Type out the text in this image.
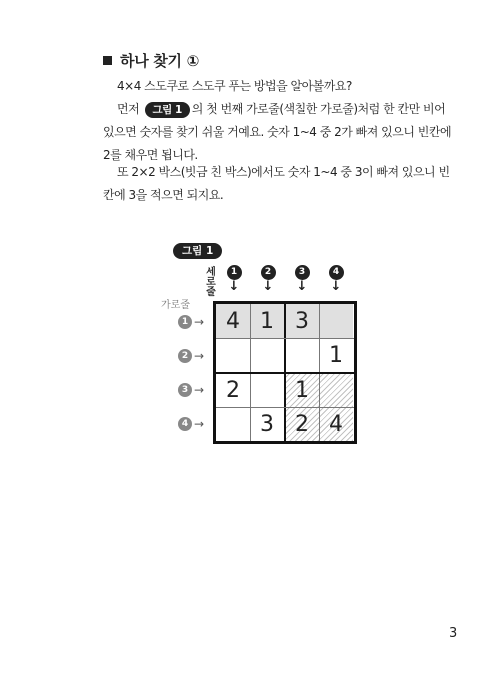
하나 찾기 ①
4×4 스도쿠로 스도쿠 푸는 방법을 알아볼까요?
먼저 그림 1 의 첫 번째 가로줄(색칠한 가로줄)처럼 한 칸만 비어 있으면 숫자를 찾기 쉬울 거예요. 숫자 1~4 중 2가 빠져 있으니 빈칸에 2를 채우면 됩니다.
또 2×2 박스(빗금 친 박스)에서도 숫자 1~4 중 3이 빠져 있으니 빈칸에 3을 적으면 되지요.
그림 1
세로줄
1
↓
2
↓
3
↓
4
↓
가로줄
1 →
2 →
3 →
4 →
4 1 3
1
2	1
3 2 4
3
